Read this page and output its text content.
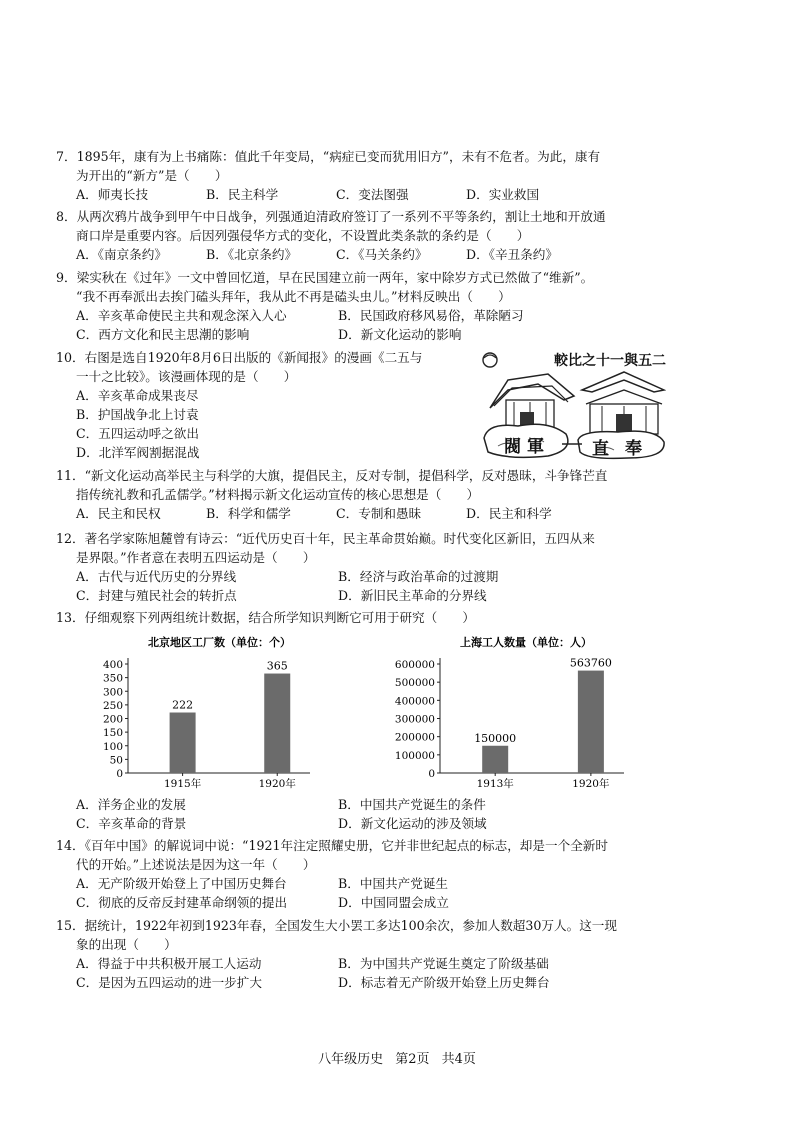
7．1895年，康有为上书痛陈：值此千年变局，“病症已变而犹用旧方”，未有不危者。为此，康有
为开出的“新方”是（　　）
A．师夷长技	B．民主科学	C．变法图强	D．实业救国
8．从两次鸦片战争到甲午中日战争，列强通迫清政府签订了一系列不平等条约，割让土地和开放通
商口岸是重要内容。后因列强侵华方式的变化，不设置此类条款的条约是（　　）
A．《南京条约》	B．《北京条约》	C．《马关条约》	D．《辛丑条约》
9．梁实秋在《过年》一文中曾回忆道，早在民国建立前一两年，家中除岁方式已然做了“维新”。
“我不再奉派出去挨门磕头拜年，我从此不再是磕头虫儿。”材料反映出（　　）
A．辛亥革命使民主共和观念深入人心	B．民国政府移风易俗，革除陋习
C．西方文化和民主思潮的影响	D．新文化运动的影响
10．右图是选自1920年8月6日出版的《新闻报》的漫画《二五与
一十之比较》。该漫画体现的是（　　）
A．辛亥革命成果丧尽
B．护国战争北上讨袁
C．五四运动呼之欲出
D．北洋军阀割据混战
較比之十一與五二
閥軍 直奉
11．“新文化运动高举民主与科学的大旗，提倡民主，反对专制，提倡科学，反对愚昧，斗争锋芒直
指传统礼教和孔孟儒学。”材料揭示新文化运动宣传的核心思想是（　　）
A．民主和民权	B．科学和儒学	C．专制和愚昧	D．民主和科学
12．著名学家陈旭麓曾有诗云：“近代历史百十年，民主革命贯始巅。时代变化区新旧，五四从来
是界限。”作者意在表明五四运动是（　　）
A．古代与近代历史的分界线	B．经济与政治革命的过渡期
C．封建与殖民社会的转折点	D．新旧民主革命的分界线
13．仔细观察下列两组统计数据，结合所学知识判断它可用于研究（　　）
北京地区工厂数（单位：个）
0
50
100
150
200
250
300
350
400
222
1915年
365
1920年
上海工人数量（单位：人）
0
100000
200000
300000
400000
500000
600000
150000
1913年
563760
1920年
A．洋务企业的发展	B．中国共产党诞生的条件
C．辛亥革命的背景	D．新文化运动的涉及领域
14．《百年中国》的解说词中说：“1921年注定照耀史册，它并非世纪起点的标志，却是一个全新时
代的开始。”上述说法是因为这一年（　　）
A．无产阶级开始登上了中国历史舞台	B．中国共产党诞生
C．彻底的反帝反封建革命纲领的提出	D．中国同盟会成立
15．据统计，1922年初到1923年春，全国发生大小罢工多达100余次，参加人数超30万人。这一现
象的出现（　　）
A．得益于中共积极开展工人运动	B．为中国共产党诞生奠定了阶级基础
C．是因为五四运动的进一步扩大	D．标志着无产阶级开始登上历史舞台
八年级历史 第2页 共4页
